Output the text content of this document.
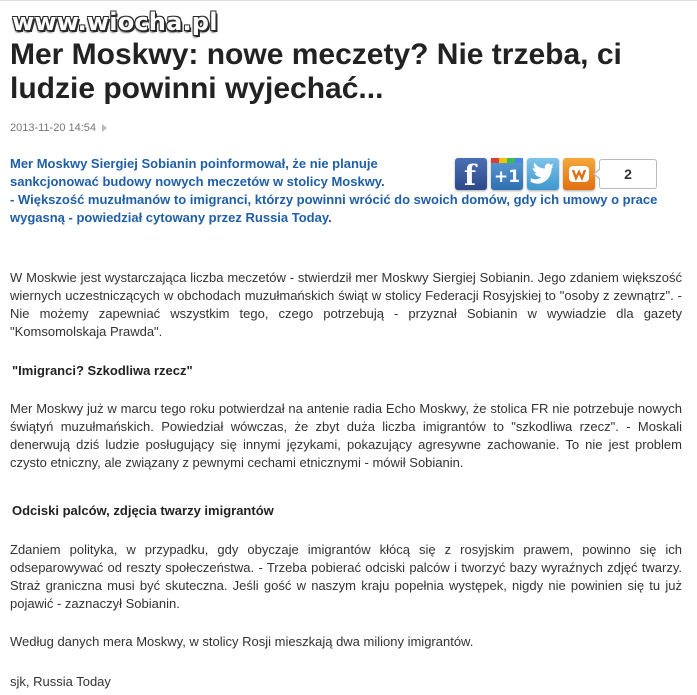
www.wiocha.pl
Mer Moskwy: nowe meczety? Nie trzeba, ci ludzie powinni wyjechać...
2013-11-20 14:54
Mer Moskwy Siergiej Sobianin poinformował, że nie planuje sankcjonować budowy nowych meczetów w stolicy Moskwy.
- Większość muzułmanów to imigranci, którzy powinni wrócić do swoich domów, gdy ich umowy o prace wygasną - powiedział cytowany przez Russia Today.
f +1	2

W Moskwie jest wystarczająca liczba meczetów - stwierdził mer Moskwy Siergiej Sobianin. Jego zdaniem większość wiernych uczestniczących w obchodach muzułmańskich świąt w stolicy Federacji Rosyjskiej to "osoby z zewnątrz". - Nie możemy zapewniać wszystkim tego, czego potrzebują - przyznał Sobianin w wywiadzie dla gazety "Komsomolskaja Prawda".

"Imigranci? Szkodliwa rzecz"

Mer Moskwy już w marcu tego roku potwierdzał na antenie radia Echo Moskwy, że stolica FR nie potrzebuje nowych świątyń muzułmańskich. Powiedział wówczas, że zbyt duża liczba imigrantów to "szkodliwa rzecz". - Moskali denerwują dziś ludzie posługujący się innymi językami, pokazujący agresywne zachowanie. To nie jest problem czysto etniczny, ale związany z pewnymi cechami etnicznymi - mówił Sobianin.

Odciski palców, zdjęcia twarzy imigrantów

Zdaniem polityka, w przypadku, gdy obyczaje imigrantów kłócą się z rosyjskim prawem, powinno się ich odseparowywać od reszty społeczeństwa. - Trzeba pobierać odciski palców i tworzyć bazy wyraźnych zdjęć twarzy. Straż graniczna musi być skuteczna. Jeśli gość w naszym kraju popełnia występek, nigdy nie powinien się tu już pojawić - zaznaczył Sobianin.

Według danych mera Moskwy, w stolicy Rosji mieszkają dwa miliony imigrantów.

sjk, Russia Today
